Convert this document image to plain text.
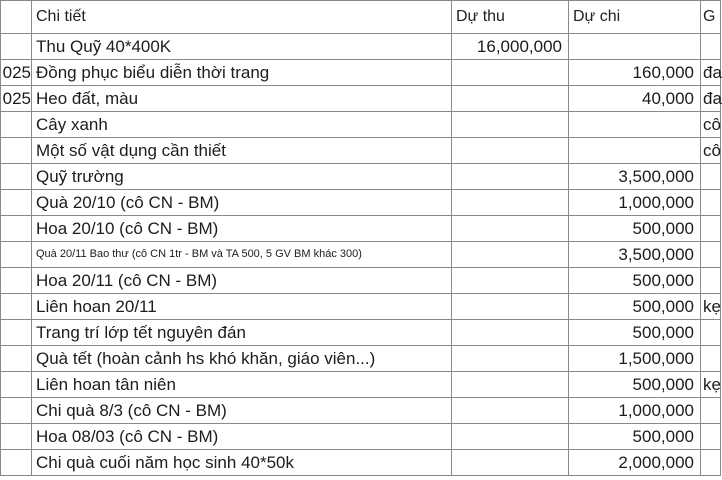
	Chi tiết	Dự thu	Dự chi	G
	Thu Quỹ 40*400K	16,000,000		
025	Đồng phục biểu diễn thời trang		160,000	đa
025	Heo đất, màu		40,000	đa
	Cây xanh			cô
	Một số vật dụng cần thiết			cô
	Quỹ trường		3,500,000	
	Quà 20/10 (cô CN - BM)		1,000,000	
	Hoa 20/10 (cô CN - BM)		500,000	
	Quà 20/11 Bao thư (cô CN 1tr - BM và TA 500, 5 GV BM khác 300)		3,500,000	
	Hoa 20/11 (cô CN - BM)		500,000	
	Liên hoan 20/11		500,000	kẹ
	Trang trí lớp tết nguyên đán		500,000	
	Quà tết (hoàn cảnh hs khó khăn, giáo viên...)		1,500,000	
	Liên hoan tân niên		500,000	kẹ
	Chi quà 8/3 (cô CN - BM)		1,000,000	
	Hoa 08/03 (cô CN - BM)		500,000	
	Chi quà cuối năm học sinh 40*50k		2,000,000	
